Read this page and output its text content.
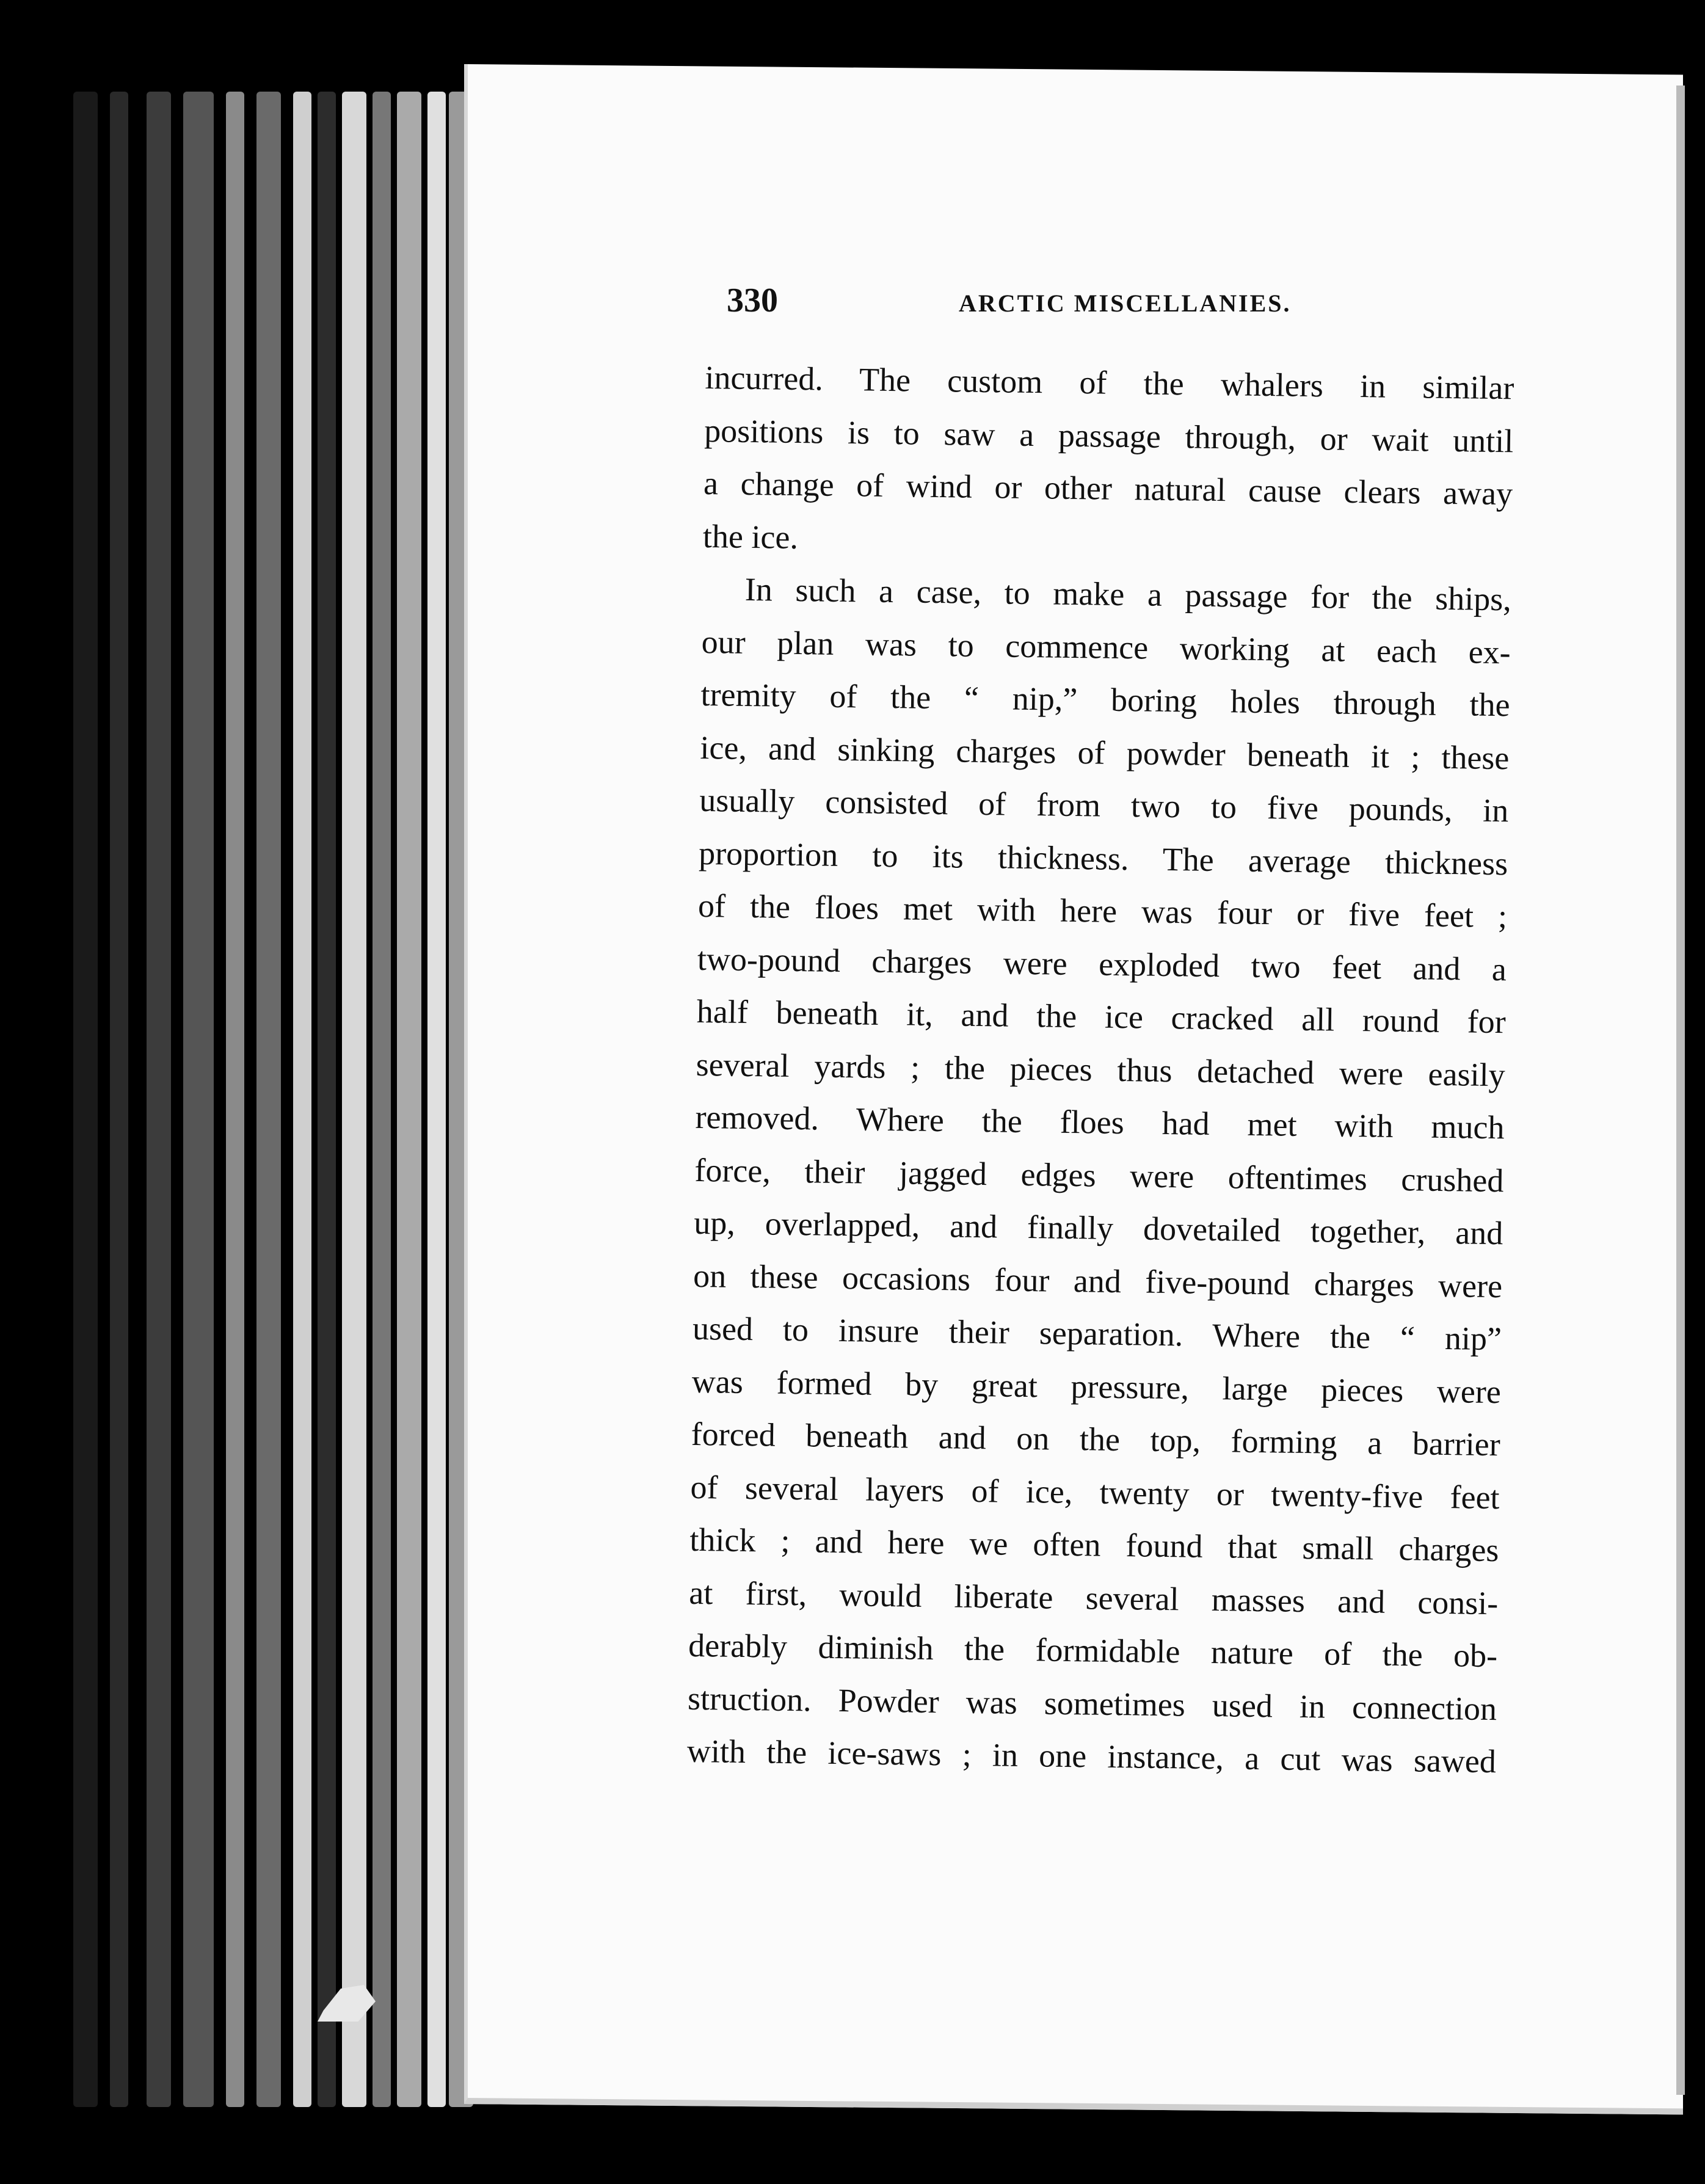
330	ARCTIC MISCELLANIES.
incurred. The custom of the whalers in similar
positions is to saw a passage through, or wait until
a change of wind or other natural cause clears away
the ice.
In such a case, to make a passage for the ships,
our plan was to commence working at each ex-
tremity of the “ nip,” boring holes through the
ice, and sinking charges of powder beneath it ; these
usually consisted of from two to five pounds, in
proportion to its thickness. The average thickness
of the floes met with here was four or five feet ;
two-pound charges were exploded two feet and a
half beneath it, and the ice cracked all round for
several yards ; the pieces thus detached were easily
removed. Where the floes had met with much
force, their jagged edges were oftentimes crushed
up, overlapped, and finally dovetailed together, and
on these occasions four and five-pound charges were
used to insure their separation. Where the “ nip”
was formed by great pressure, large pieces were
forced beneath and on the top, forming a barrier
of several layers of ice, twenty or twenty-five feet
thick ; and here we often found that small charges
at first, would liberate several masses and consi-
derably diminish the formidable nature of the ob-
struction. Powder was sometimes used in connection
with the ice-saws ; in one instance, a cut was sawed
